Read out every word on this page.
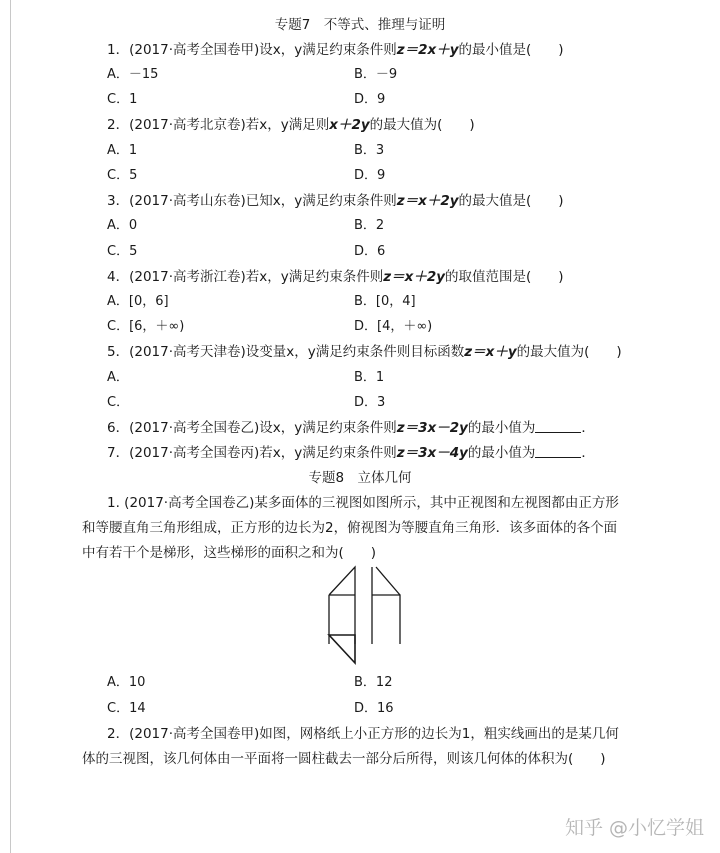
专题7　不等式、推理与证明
1．(2017·高考全国卷甲)设x，y满足约束条件则z＝2x＋y的最小值是(　　)
A．－15	B．－9
C．1	D．9
2．(2017·高考北京卷)若x，y满足则x＋2y的最大值为(　　)
A．1	B．3
C．5	D．9
3．(2017·高考山东卷)已知x，y满足约束条件则z＝x＋2y的最大值是(　　)
A．0	B．2
C．5	D．6
4．(2017·高考浙江卷)若x，y满足约束条件则z＝x＋2y的取值范围是(　　)
A．[0，6]	B．[0，4]
C．[6，＋∞)	D．[4，＋∞)
5．(2017·高考天津卷)设变量x，y满足约束条件则目标函数z＝x＋y的最大值为(　　)
A．	B．1
C．	D．3
6．(2017·高考全国卷乙)设x，y满足约束条件则z＝3x－2y的最小值为	．
7．(2017·高考全国卷丙)若x，y满足约束条件则z＝3x－4y的最小值为	．
专题8　立体几何
1. (2017·高考全国卷乙)某多面体的三视图如图所示，其中正视图和左视图都由正方形
和等腰直角三角形组成，正方形的边长为2，俯视图为等腰直角三角形．该多面体的各个面
中有若干个是梯形，这些梯形的面积之和为(　　)
A．10	B．12
C．14	D．16
2．(2017·高考全国卷甲)如图，网格纸上小正方形的边长为1，粗实线画出的是某几何
体的三视图，该几何体由一平面将一圆柱截去一部分后所得，则该几何体的体积为(　　)
知乎 @小忆学姐
